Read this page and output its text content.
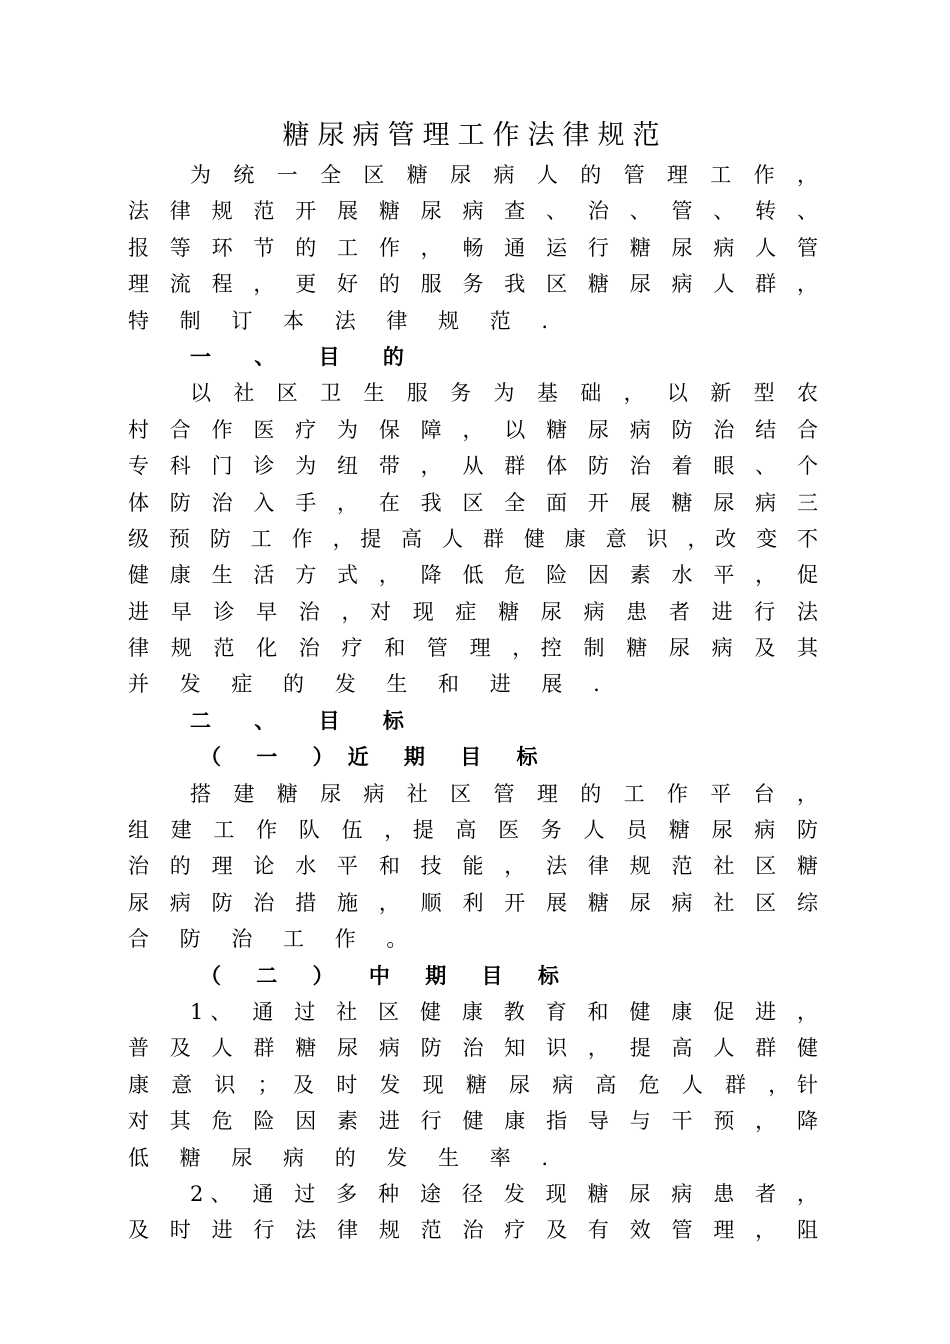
糖尿病管理工作法律规范
为 统 一 全 区 糖 尿 病 人 的 管 理 工 作 ，
法 律 规 范 开 展 糖 尿 病 查 、 治 、 管 、 转 、
报 等 环 节 的 工 作 ， 畅 通 运 行 糖 尿 病 人 管
理 流 程 ， 更 好 的 服 务 我 区 糖 尿 病 人 群 ，
特 制 订 本 法 律 规 范 .
一 、 目 的
以 社 区 卫 生 服 务 为 基 础 ， 以 新 型 农
村 合 作 医 疗 为 保 障 ， 以 糖 尿 病 防 治 结 合
专 科 门 诊 为 纽 带 ， 从 群 体 防 治 着 眼 、 个
体 防 治 入 手 ， 在 我 区 全 面 开 展 糖 尿 病 三
级 预 防 工 作 ，提 高 人 群 健 康 意 识 ，改 变 不
健 康 生 活 方 式 ， 降 低 危 险 因 素 水 平 ， 促
进 早 诊 早 治 ，对 现 症 糖 尿 病 患 者 进 行 法
律 规 范 化 治 疗 和 管 理 ，控 制 糖 尿 病 及 其
并 发 症 的 发 生 和 进 展 .
二 、 目 标
（ 一 ）近 期 目 标
搭 建 糖 尿 病 社 区 管 理 的 工 作 平 台 ，
组 建 工 作 队 伍 ，提 高 医 务 人 员 糖 尿 病 防
治 的 理 论 水 平 和 技 能 ， 法 律 规 范 社 区 糖
尿 病 防 治 措 施 ， 顺 利 开 展 糖 尿 病 社 区 综
合 防 治 工 作 。
（ 二 ） 中 期 目 标
1、 通 过 社 区 健 康 教 育 和 健 康 促 进 ，
普 及 人 群 糖 尿 病 防 治 知 识 ， 提 高 人 群 健
康 意 识 ； 及 时 发 现 糖 尿 病 高 危 人 群 ，针
对 其 危 险 因 素 进 行 健 康 指 导 与 干 预 ， 降
低 糖 尿 病 的 发 生 率 .
2、 通 过 多 种 途 径 发 现 糖 尿 病 患 者 ，
及 时 进 行 法 律 规 范 治 疗 及 有 效 管 理 ， 阻
